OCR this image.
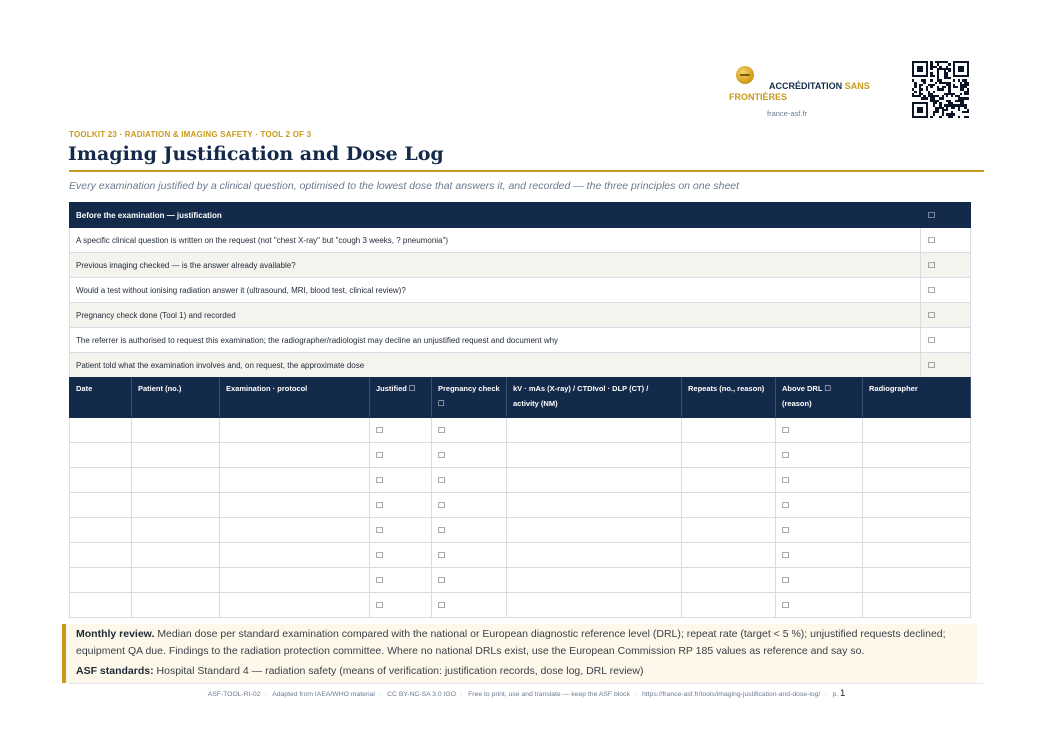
ACCRÉDITATION SANS FRONTIÈRES
france-asf.fr
TOOLKIT 23 · RADIATION & IMAGING SAFETY · TOOL 2 OF 3
Imaging Justification and Dose Log
Every examination justified by a clinical question, optimised to the lowest dose that answers it, and recorded — the three principles on one sheet
Before the examination — justification	☐
A specific clinical question is written on the request (not "chest X-ray" but "cough 3 weeks, ? pneumonia")	☐
Previous imaging checked — is the answer already available?	☐
Would a test without ionising radiation answer it (ultrasound, MRI, blood test, clinical review)?	☐
Pregnancy check done (Tool 1) and recorded	☐
The referrer is authorised to request this examination; the radiographer/radiologist may decline an unjustified request and document why	☐
Patient told what the examination involves and, on request, the approximate dose	☐
Date	Patient (no.)	Examination · protocol	Justified ☐	Pregnancy check ☐	kV · mAs (X-ray) / CTDIvol · DLP (CT) / activity (NM)	Repeats (no., reason)	Above DRL ☐ (reason)	Radiographer
			☐	☐			☐	
			☐	☐			☐	
			☐	☐			☐	
			☐	☐			☐	
			☐	☐			☐	
			☐	☐			☐	
			☐	☐			☐	
			☐	☐			☐	
Monthly review. Median dose per standard examination compared with the national or European diagnostic reference level (DRL); repeat rate (target < 5 %); unjustified requests declined; equipment QA due. Findings to the radiation protection committee. Where no national DRLs exist, use the European Commission RP 185 values as reference and say so.
ASF standards: Hospital Standard 4 — radiation safety (means of verification: justification records, dose log, DRL review)
ASF-TOOL-RI-02 · Adapted from IAEA/WHO material · CC BY-NC-SA 3.0 IGO · Free to print, use and translate — keep the ASF block · https://france-asf.fr/tools/imaging-justification-and-dose-log/ · p. 1
